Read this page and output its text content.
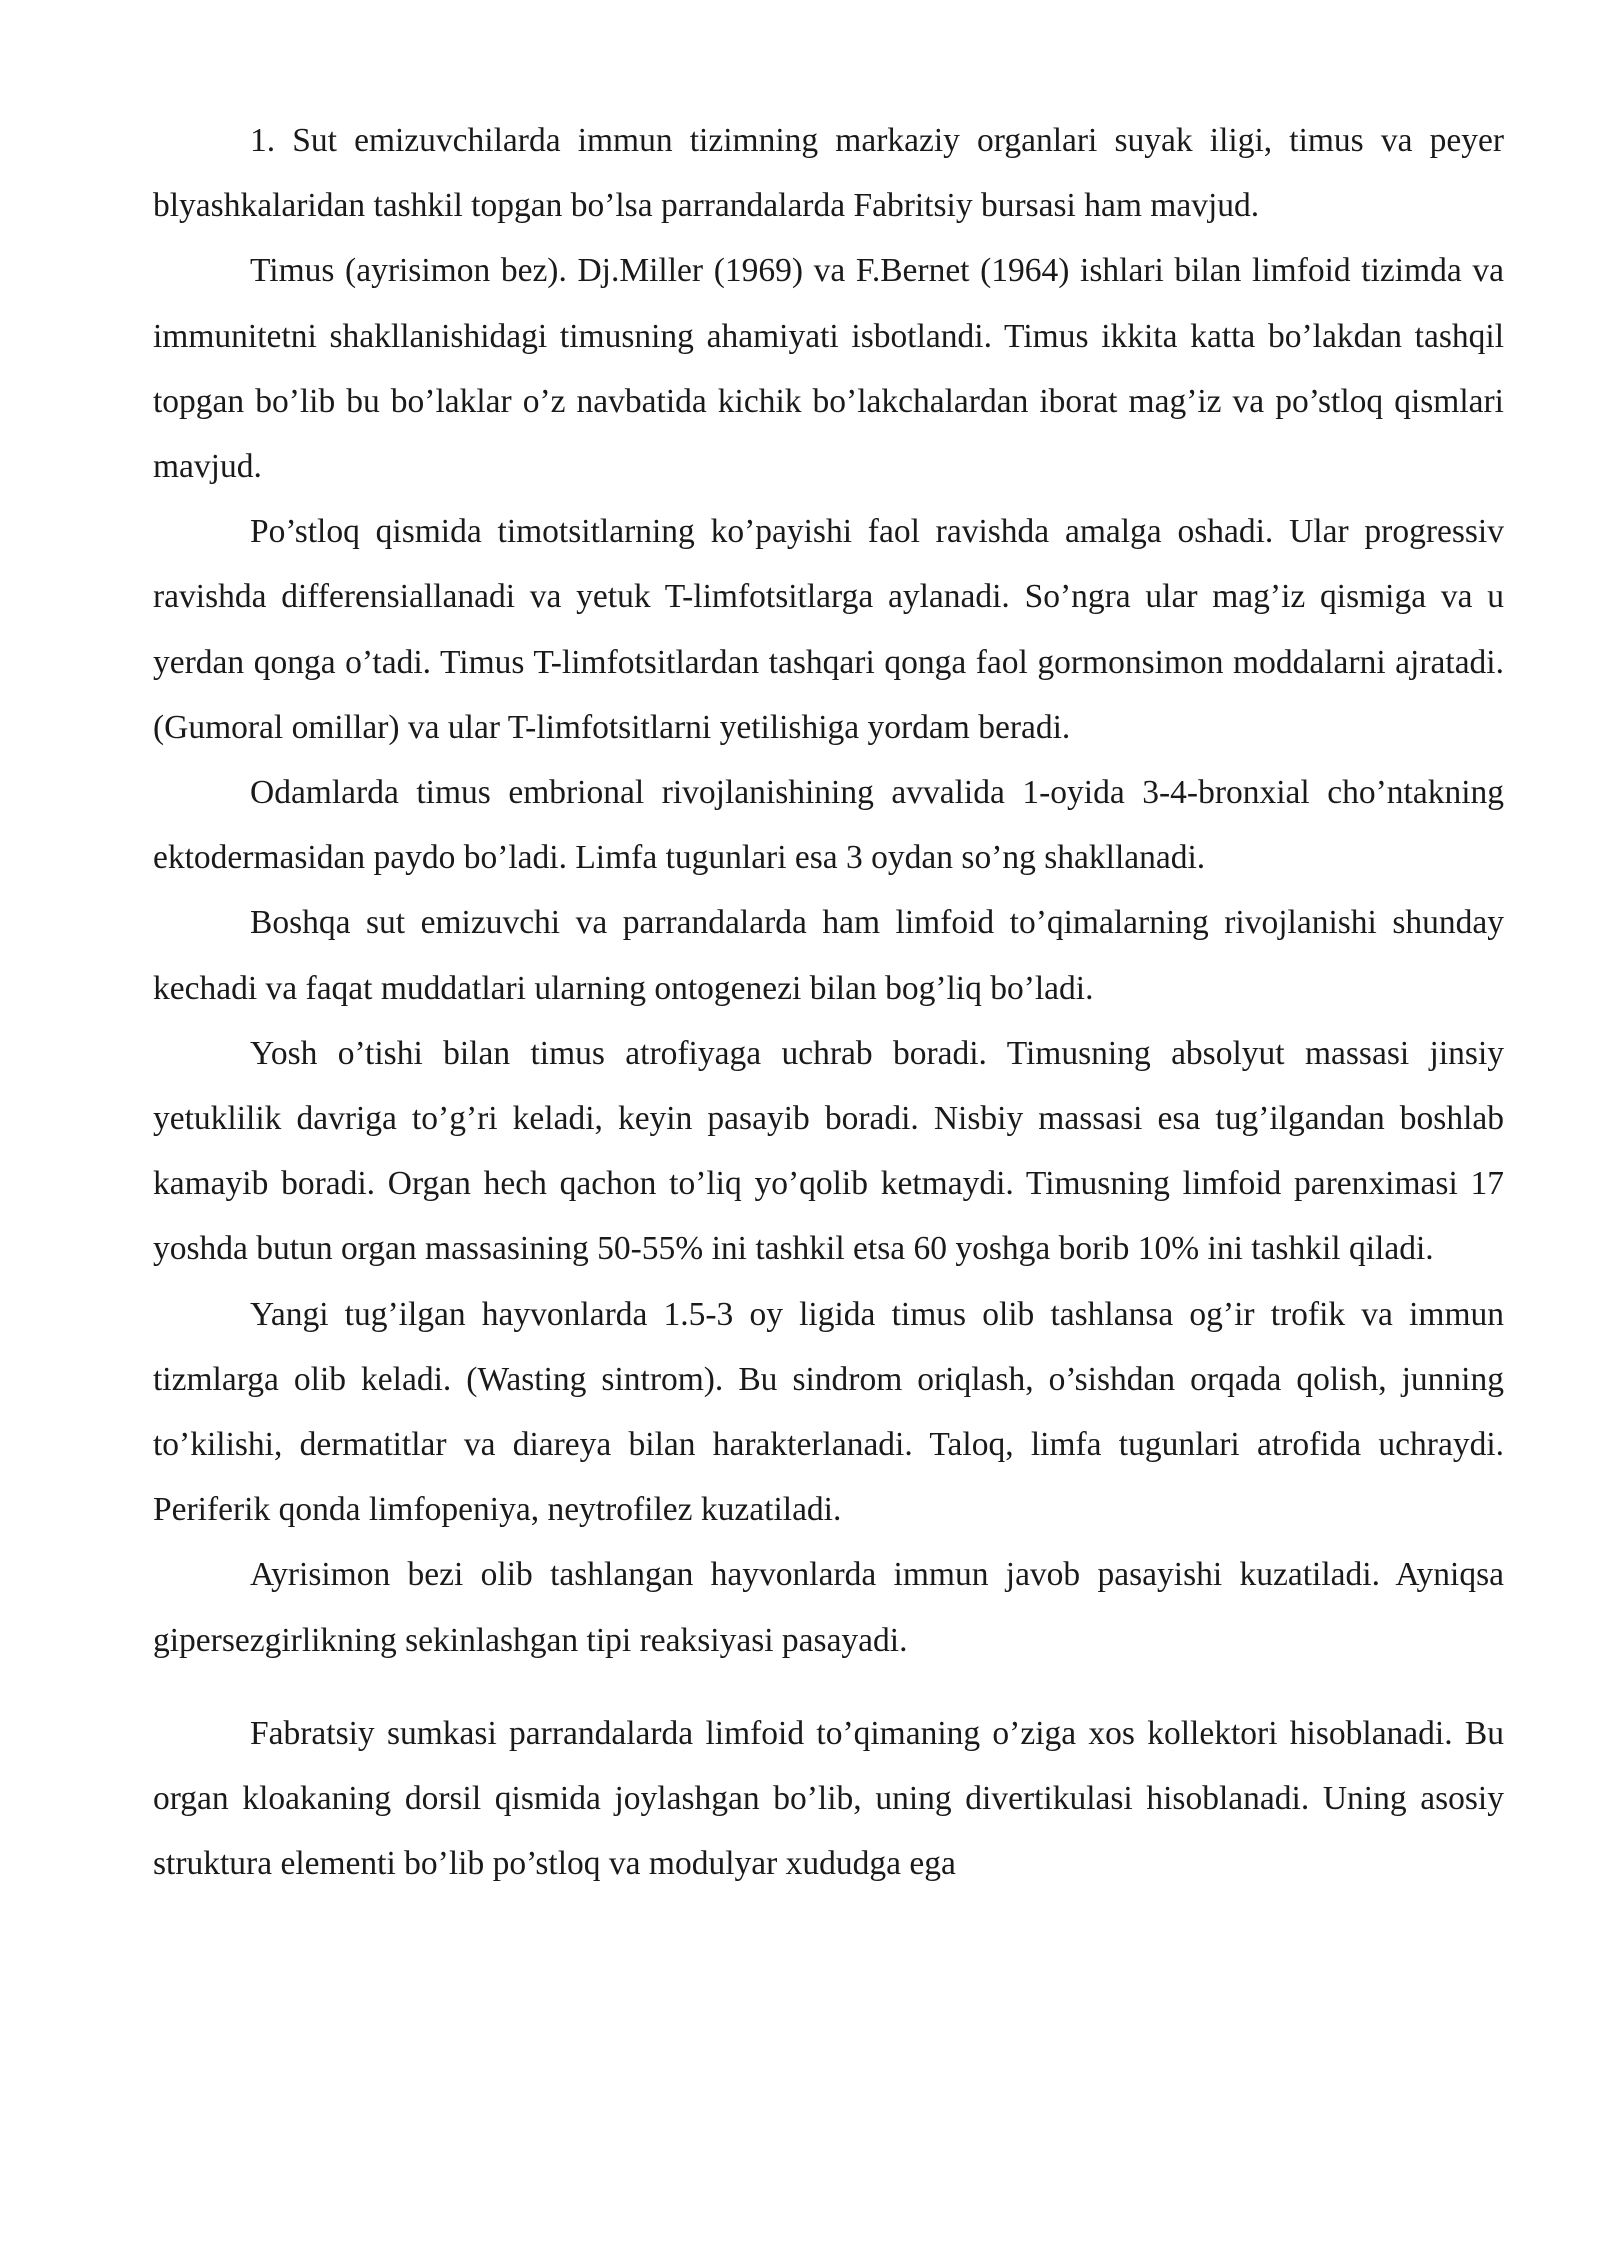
1. Sut emizuvchilarda immun tizimning markaziy organlari suyak iligi, timus va peyer blyashkalaridan tashkil topgan bo’lsa parrandalarda Fabritsiy bursasi ham mavjud.

Timus (ayrisimon bez). Dj.Miller (1969) va F.Bernet (1964) ishlari bilan limfoid tizimda va immunitetni shakllanishidagi timusning ahamiyati isbotlandi. Timus ikkita katta bo’lakdan tashqil topgan bo’lib bu bo’laklar o’z navbatida kichik bo’lakchalardan iborat mag’iz va po’stloq qismlari mavjud.

Po’stloq qismida timotsitlarning ko’payishi faol ravishda amalga oshadi. Ular progressiv ravishda differensiallanadi va yetuk T-limfotsitlarga aylanadi. So’ngra ular mag’iz qismiga va u yerdan qonga o’tadi. Timus T-limfotsitlardan tashqari qonga faol gormonsimon moddalarni ajratadi. (Gumoral omillar) va ular T-limfotsitlarni yetilishiga yordam beradi.

Odamlarda timus embrional rivojlanishining avvalida 1-oyida 3-4-bronxial cho’ntakning ektodermasidan paydo bo’ladi. Limfa tugunlari esa 3 oydan so’ng shakllanadi.

Boshqa sut emizuvchi va parrandalarda ham limfoid to’qimalarning rivojlanishi shunday kechadi va faqat muddatlari ularning ontogenezi bilan bog’liq bo’ladi.

Yosh o’tishi bilan timus atrofiyaga uchrab boradi. Timusning absolyut massasi jinsiy yetuklilik davriga to’g’ri keladi, keyin pasayib boradi. Nisbiy massasi esa tug’ilgandan boshlab kamayib boradi. Organ hech qachon to’liq yo’qolib ketmaydi. Timusning limfoid parenximasi 17 yoshda butun organ massasining 50-55% ini tashkil etsa 60 yoshga borib 10% ini tashkil qiladi.

Yangi tug’ilgan hayvonlarda 1.5-3 oy ligida timus olib tashlansa og’ir trofik va immun tizmlarga olib keladi. (Wasting sintrom). Bu sindrom oriqlash, o’sishdan orqada qolish, junning to’kilishi, dermatitlar va diareya bilan harakterlanadi. Taloq, limfa tugunlari atrofida uchraydi. Periferik qonda limfopeniya, neytrofilez kuzatiladi.

Ayrisimon bezi olib tashlangan hayvonlarda immun javob pasayishi kuzatiladi. Ayniqsa gipersezgirlikning sekinlashgan tipi reaksiyasi pasayadi.

Fabratsiy sumkasi parrandalarda limfoid to’qimaning o’ziga xos kollektori hisoblanadi. Bu organ kloakaning dorsil qismida joylashgan bo’lib, uning divertikulasi hisoblanadi. Uning asosiy struktura elementi bo’lib po’stloq va modulyar xududga ega
